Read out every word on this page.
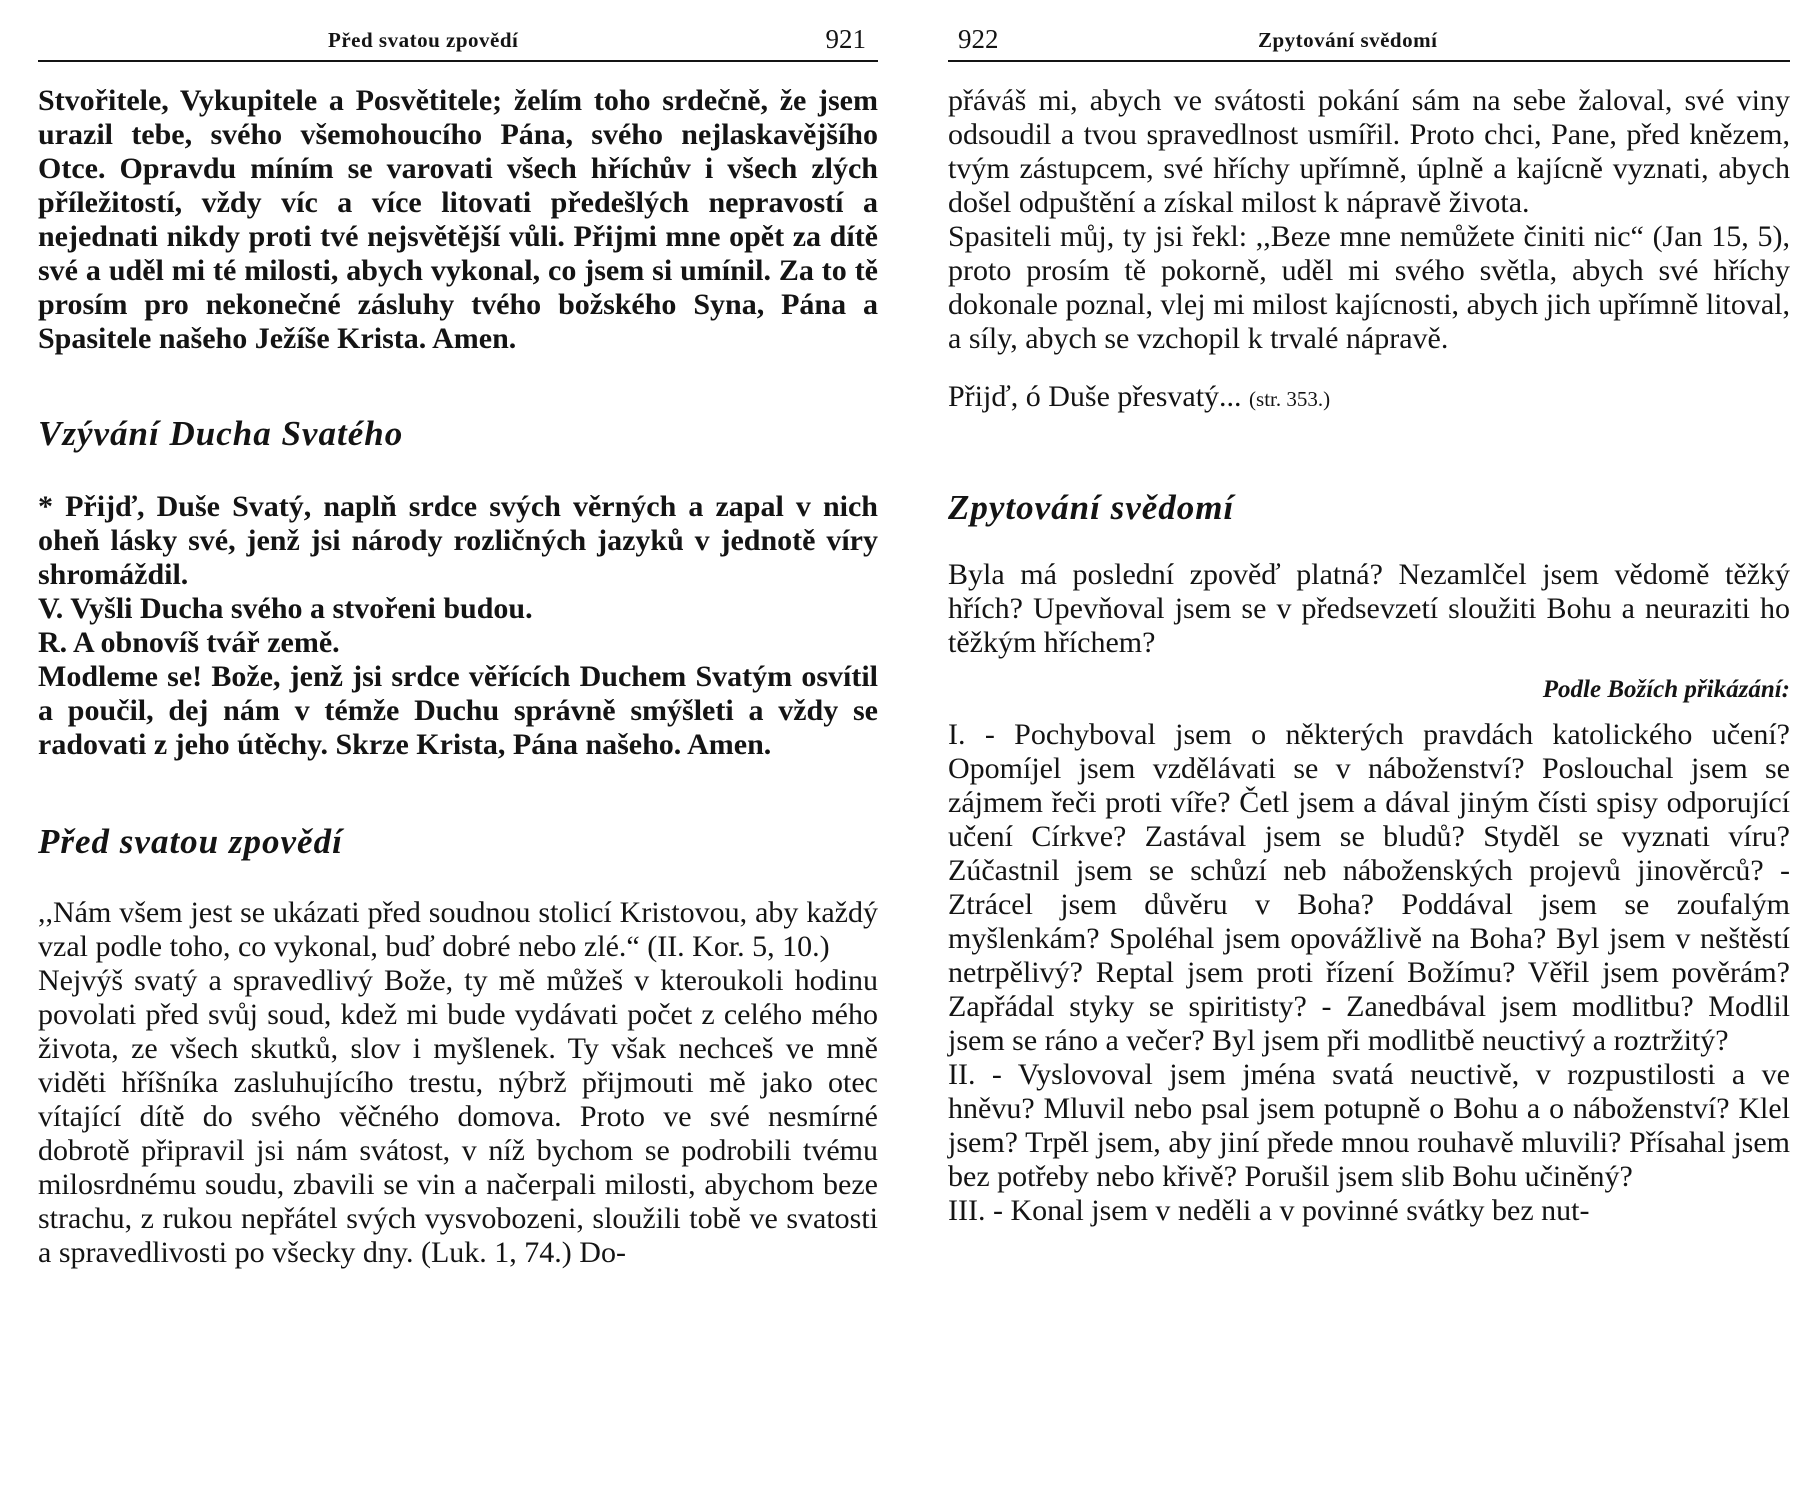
Před svatou zpovědí	921

Stvořitele, Vykupitele a Posvětitele; želím toho srdečně, že jsem urazil tebe, svého všemohoucího Pána, svého nejlaskavějšího Otce. Opravdu míním se varovati všech hříchův i všech zlých příležitostí, vždy víc a více litovati předešlých nepravostí a nejednati nikdy proti tvé nejsvětější vůli. Přijmi mne opět za dítě své a uděl mi té milosti, abych vykonal, co jsem si umínil. Za to tě prosím pro nekonečné zásluhy tvého božského Syna, Pána a Spasitele našeho Ježíše Krista. Amen.

Vzývání Ducha Svatého

* Přijď, Duše Svatý, naplň srdce svých věrných a zapal v nich oheň lásky své, jenž jsi národy rozličných jazyků v jednotě víry shromáždil.

V. Vyšli Ducha svého a stvořeni budou.

R. A obnovíš tvář země.

Modleme se! Bože, jenž jsi srdce věřících Duchem Svatým osvítil a poučil, dej nám v témže Duchu správně smýšleti a vždy se radovati z jeho útěchy. Skrze Krista, Pána našeho. Amen.

Před svatou zpovědí

,,Nám všem jest se ukázati před soudnou stolicí Kristovou, aby každý vzal podle toho, co vykonal, buď dobré nebo zlé.“ (II. Kor. 5, 10.)

Nejvýš svatý a spravedlivý Bože, ty mě můžeš v kteroukoli hodinu povolati před svůj soud, kdež mi bude vydávati počet z celého mého života, ze všech skutků, slov i myšlenek. Ty však nechceš ve mně viděti hříšníka zasluhujícího trestu, nýbrž přijmouti mě jako otec vítající dítě do svého věčného domova. Proto ve své nesmírné dobrotě připravil jsi nám svátost, v níž bychom se podrobili tvému milosrdnému soudu, zbavili se vin a načerpali milosti, abychom beze strachu, z rukou nepřátel svých vysvobozeni, sloužili tobě ve svatosti a spravedlivosti po všecky dny. (Luk. 1, 74.) Do-

922	Zpytování svědomí

přáváš mi, abych ve svátosti pokání sám na sebe žaloval, své viny odsoudil a tvou spravedlnost usmířil. Proto chci, Pane, před knězem, tvým zástupcem, své hříchy upřímně, úplně a kajícně vyznati, abych došel odpuštění a získal milost k nápravě života.

Spasiteli můj, ty jsi řekl: ,,Beze mne nemůžete činiti nic“ (Jan 15, 5), proto prosím tě pokorně, uděl mi svého světla, abych své hříchy dokonale poznal, vlej mi milost kajícnosti, abych jich upřímně litoval, a síly, abych se vzchopil k trvalé nápravě.

Přijď, ó Duše přesvatý... (str. 353.)

Zpytování svědomí

Byla má poslední zpověď platná? Nezamlčel jsem vědomě těžký hřích? Upevňoval jsem se v předsevzetí sloužiti Bohu a neuraziti ho těžkým hříchem?

Podle Božích přikázání:

I. - Pochyboval jsem o některých pravdách katolického učení? Opomíjel jsem vzdělávati se v náboženství? Poslouchal jsem se zájmem řeči proti víře? Četl jsem a dával jiným čísti spisy odporující učení Církve? Zastával jsem se bludů? Styděl se vyznati víru? Zúčastnil jsem se schůzí neb náboženských projevů jinověrců? - Ztrácel jsem důvěru v Boha? Poddával jsem se zoufalým myšlenkám? Spoléhal jsem opovážlivě na Boha? Byl jsem v neštěstí netrpělivý? Reptal jsem proti řízení Božímu? Věřil jsem pověrám? Zapřádal styky se spiritisty? - Zanedbával jsem modlitbu? Modlil jsem se ráno a večer? Byl jsem při modlitbě neuctivý a roztržitý?

II. - Vyslovoval jsem jména svatá neuctivě, v rozpustilosti a ve hněvu? Mluvil nebo psal jsem potupně o Bohu a o náboženství? Klel jsem? Trpěl jsem, aby jiní přede mnou rouhavě mluvili? Přísahal jsem bez potřeby nebo křivě? Porušil jsem slib Bohu učiněný?

III. - Konal jsem v neděli a v povinné svátky bez nut-
